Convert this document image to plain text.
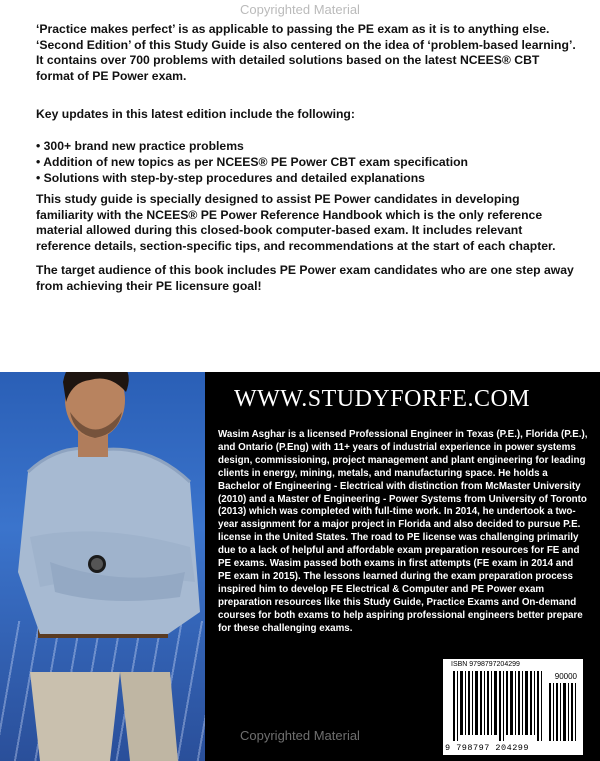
Copyrighted Material

‘Practice makes perfect’ is as applicable to passing the PE exam as it is to anything else. ‘Second Edition’ of this Study Guide is also centered on the idea of ‘problem-based learning’. It contains over 700 problems with detailed solutions based on the latest NCEES® CBT format of PE Power exam.

Key updates in this latest edition include the following:

• 300+ brand new practice problems
• Addition of new topics as per NCEES® PE Power CBT exam specification
• Solutions with step-by-step procedures and detailed explanations

This study guide is specially designed to assist PE Power candidates in developing familiarity with the NCEES® PE Power Reference Handbook which is the only reference material allowed during this closed-book computer-based exam. It includes relevant reference details, section-specific tips, and recommendations at the start of each chapter.

The target audience of this book includes PE Power exam candidates who are one step away from achieving their PE licensure goal!

WWW.STUDYFORFE.COM

Wasim Asghar is a licensed Professional Engineer in Texas (P.E.), Florida (P.E.), and Ontario (P.Eng) with 11+ years of industrial experience in power systems design, commissioning, project management and plant engineering for leading clients in energy, mining, metals, and manufacturing space. He holds a Bachelor of Engineering - Electrical with distinction from McMaster University (2010) and a Master of Engineering - Power Systems from University of Toronto (2013) which was completed with full-time work. In 2014, he undertook a two-year assignment for a major project in Florida and also decided to pursue P.E. license in the United States. The road to PE license was challenging primarily due to a lack of helpful and affordable exam preparation resources for FE and PE exams. Wasim passed both exams in first attempts (FE exam in 2014 and PE exam in 2015). The lessons learned during the exam preparation process inspired him to develop FE Electrical & Computer and PE Power exam preparation resources like this Study Guide, Practice Exams and On-demand courses for both exams to help aspiring professional engineers better prepare for these challenging exams.

ISBN 9798797204299
90000
9 798797 204299
Copyrighted Material
